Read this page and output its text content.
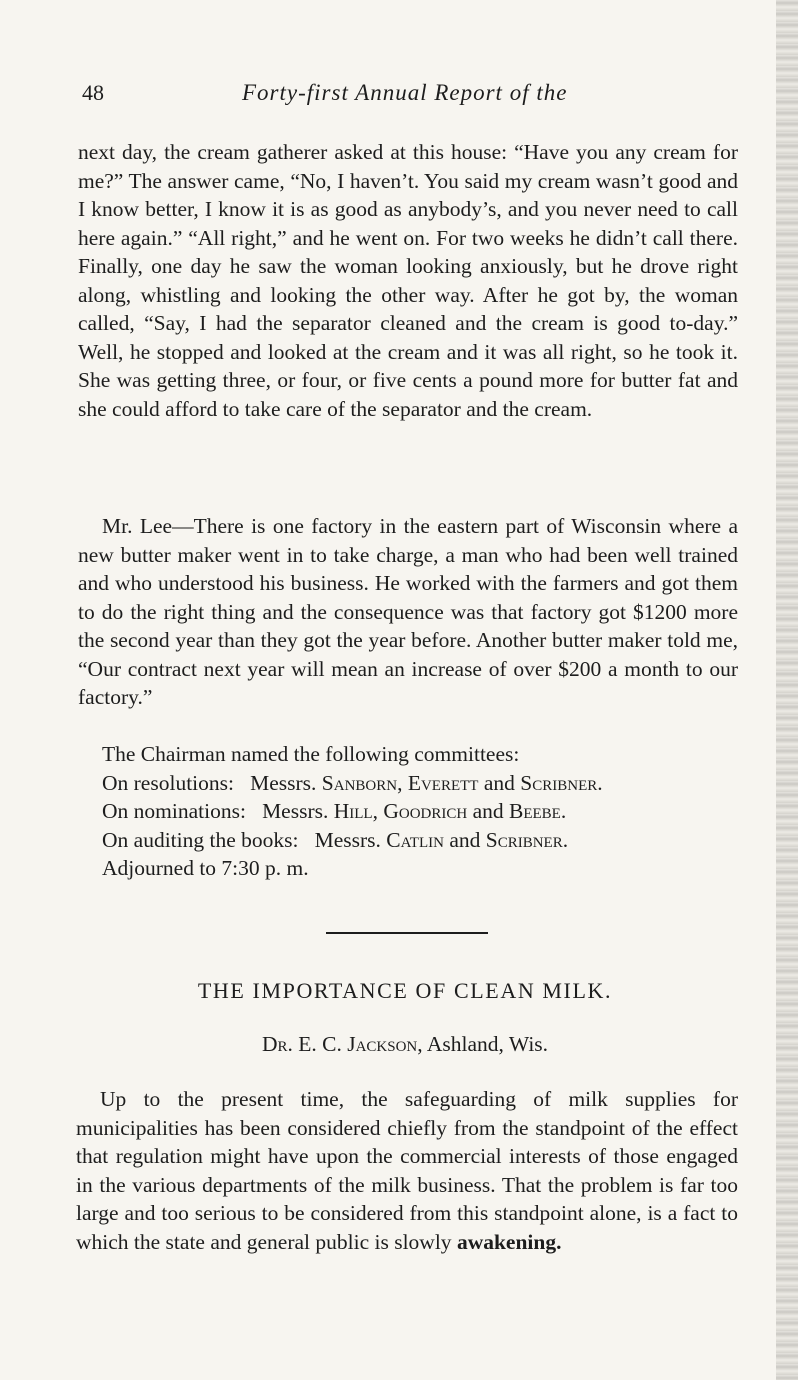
48	Forty-first Annual Report of the

next day, the cream gatherer asked at this house: “Have you any cream for me?” The answer came, “No, I haven’t. You said my cream wasn’t good and I know better, I know it is as good as anybody’s, and you never need to call here again.” “All right,” and he went on. For two weeks he didn’t call there. Finally, one day he saw the woman looking anxiously, but he drove right along, whistling and looking the other way. After he got by, the woman called, “Say, I had the separator cleaned and the cream is good to-day.” Well, he stopped and looked at the cream and it was all right, so he took it. She was getting three, or four, or five cents a pound more for butter fat and she could afford to take care of the separator and the cream.

Mr. Lee—There is one factory in the eastern part of Wisconsin where a new butter maker went in to take charge, a man who had been well trained and who understood his business. He worked with the farmers and got them to do the right thing and the consequence was that factory got $1200 more the second year than they got the year before. Another butter maker told me, “Our contract next year will mean an increase of over $200 a month to our factory.”

The Chairman named the following committees:
On resolutions: Messrs. Sanborn, Everett and Scribner.
On nominations: Messrs. Hill, Goodrich and Beebe.
On auditing the books: Messrs. Catlin and Scribner.
Adjourned to 7:30 p. m.
THE IMPORTANCE OF CLEAN MILK.
Dr. E. C. Jackson, Ashland, Wis.

Up to the present time, the safeguarding of milk supplies for municipalities has been considered chiefly from the standpoint of the effect that regulation might have upon the commercial interests of those engaged in the various departments of the milk business. That the problem is far too large and too serious to be considered from this standpoint alone, is a fact to which the state and general public is slowly awakening.
